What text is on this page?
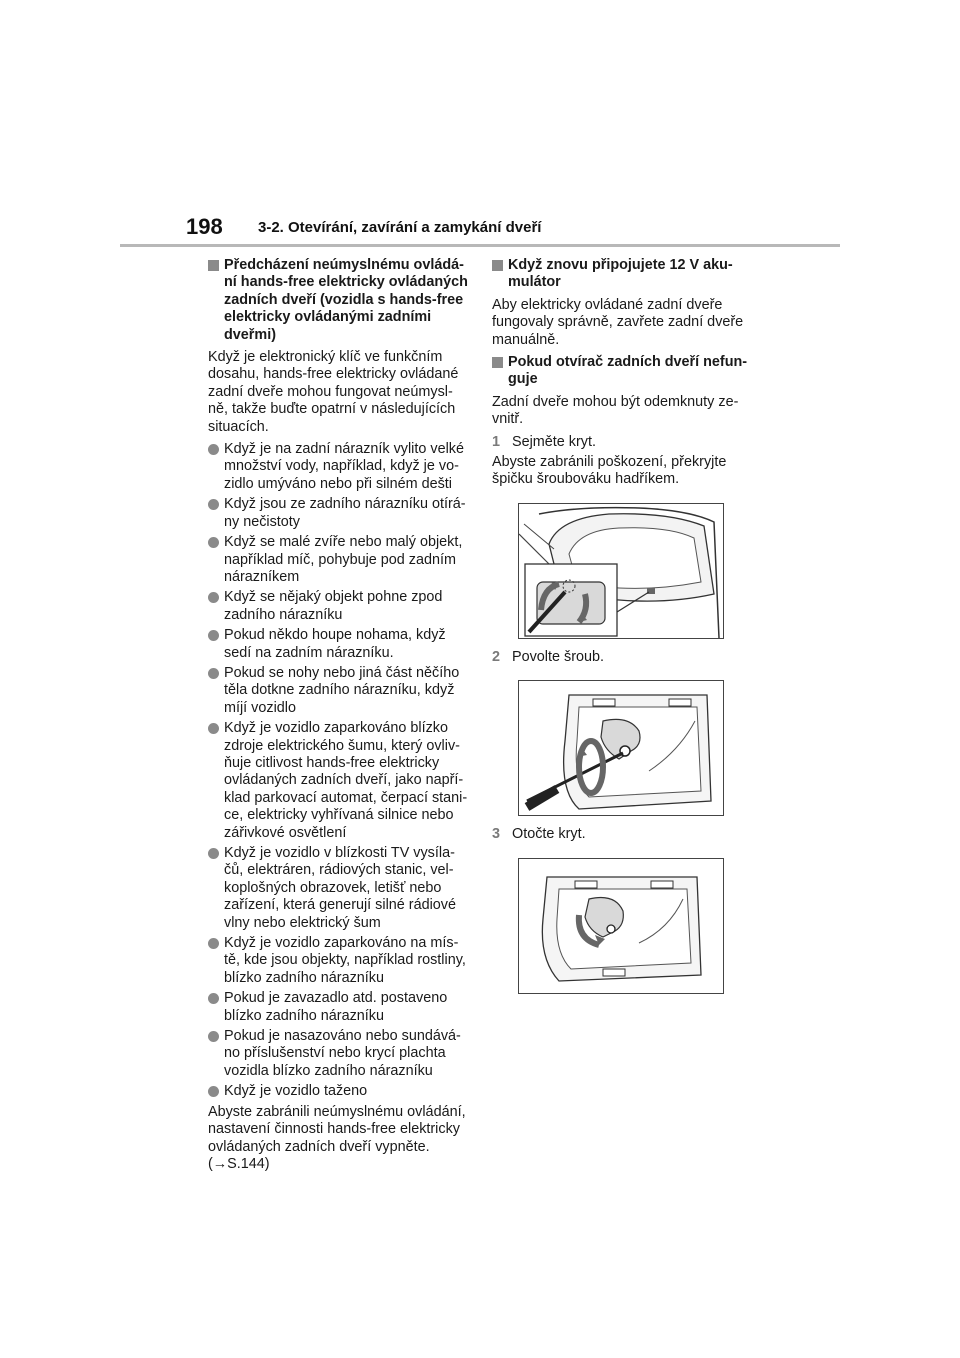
198 3-2. Otevírání, zavírání a zamykání dveří
Předcházení neúmyslnému ovládá-ní hands-free elektricky ovládaných zadních dveří (vozidla s hands-free elektricky ovládanými zadními dveřmi)
Když je elektronický klíč ve funkčním dosahu, hands-free elektricky ovládané zadní dveře mohou fungovat neúmysl-ně, takže buďte opatrní v následujících situacích.
Když je na zadní nárazník vylito velké množství vody, například, když je vo-zidlo umýváno nebo při silném dešti
Když jsou ze zadního nárazníku otírá-ny nečistoty
Když se malé zvíře nebo malý objekt, například míč, pohybuje pod zadním nárazníkem
Když se nějaký objekt pohne zpod zadního nárazníku
Pokud někdo houpe nohama, když sedí na zadním nárazníku.
Pokud se nohy nebo jiná část něčího těla dotkne zadního nárazníku, když míjí vozidlo
Když je vozidlo zaparkováno blízko zdroje elektrického šumu, který ovliv-ňuje citlivost hands-free elektricky ovládaných zadních dveří, jako napří-klad parkovací automat, čerpací stani-ce, elektricky vyhřívaná silnice nebo zářivkové osvětlení
Když je vozidlo v blízkosti TV vysíla-čů, elektráren, rádiových stanic, vel-koplošných obrazovek, letišť nebo zařízení, která generují silné rádiové vlny nebo elektrický šum
Když je vozidlo zaparkováno na mís-tě, kde jsou objekty, například rostliny, blízko zadního nárazníku
Pokud je zavazadlo atd. postaveno blízko zadního nárazníku
Pokud je nasazováno nebo sundává-no příslušenství nebo krycí plachta vozidla blízko zadního nárazníku
Když je vozidlo taženo
Abyste zabránili neúmyslnému ovládání, nastavení činnosti hands-free elektricky ovládaných zadních dveří vypněte. (→S.144)
Když znovu připojujete 12 V aku-mulátor
Aby elektricky ovládané zadní dveře fungovaly správně, zavřete zadní dveře manuálně.
Pokud otvírač zadních dveří nefun-guje
Zadní dveře mohou být odemknuty ze-vnitř.
1 Sejměte kryt.
Abyste zabránili poškození, překryjte špičku šroubováku hadříkem.
2 Povolte šroub.
3 Otočte kryt.
